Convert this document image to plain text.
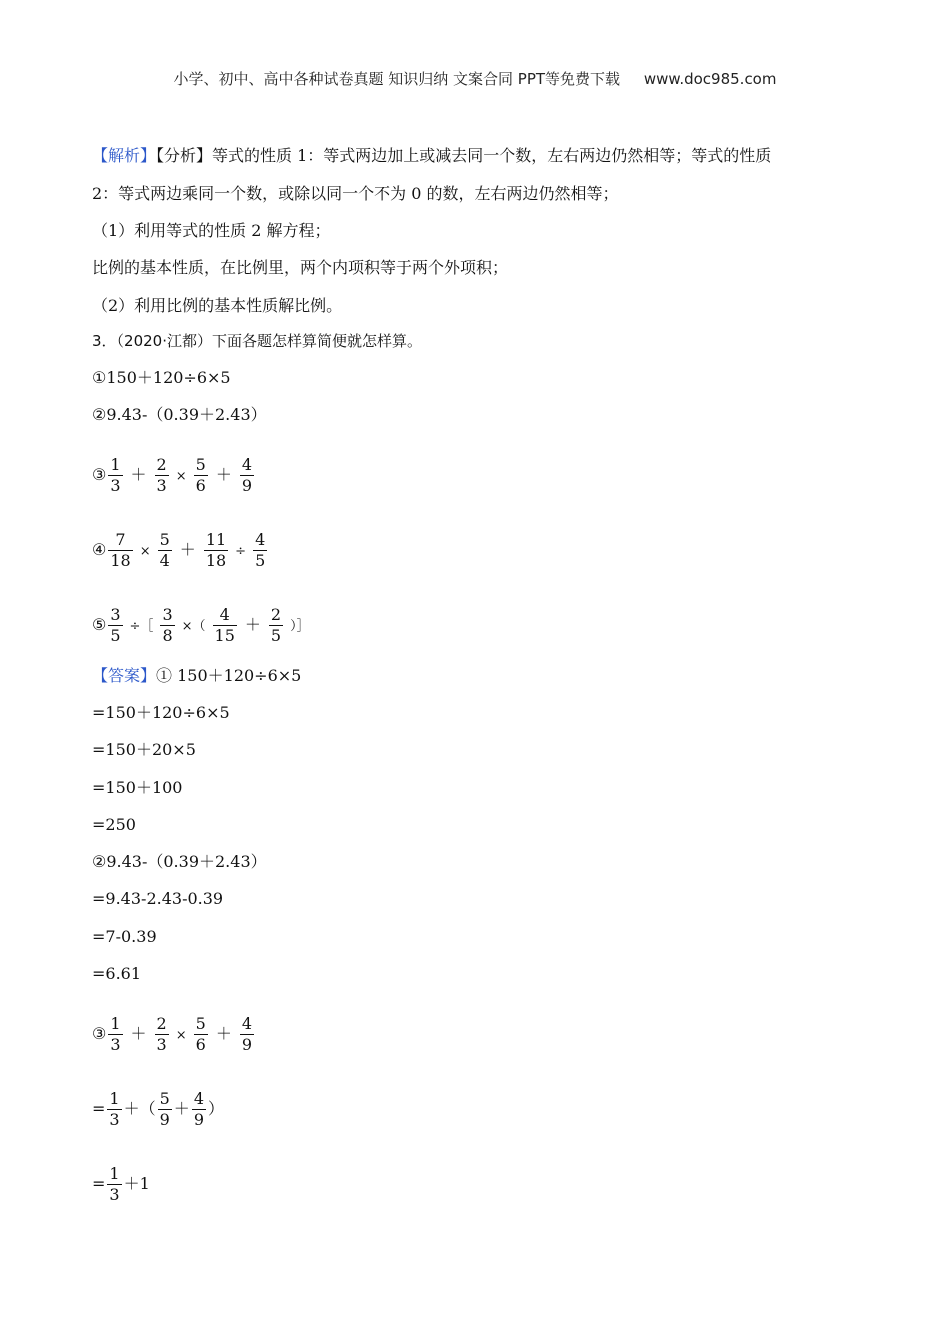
小学、初中、高中各种试卷真题 知识归纳 文案合同 PPT等免费下载     www.doc985.com
【解析】【分析】等式的性质 1：等式两边加上或减去同一个数，左右两边仍然相等；等式的性质
2：等式两边乘同一个数，或除以同一个不为 0 的数，左右两边仍然相等；
（1）利用等式的性质 2 解方程；
比例的基本性质，在比例里，两个内项积等于两个外项积；
（2）利用比例的基本性质解比例。
3．（2020·江都）下面各题怎样算简便就怎样算。
①150＋120÷6×5
②9.43-（0.39＋2.43）
③ $\frac{1}{3} + \frac{2}{3} \times \frac{5}{6} + \frac{4}{9}$
④ $\frac{7}{18} \times \frac{5}{4} + \frac{11}{18} \div \frac{4}{5}$
⑤ $\frac{3}{5}$ ÷［ $\frac{3}{8}$ ×（ $\frac{4}{15} + \frac{2}{5}$ ）］
【答案】① 150＋120÷6×5
=150＋120÷6×5
=150＋20×5
=150＋100
=250
②9.43-（0.39＋2.43）
=9.43-2.43-0.39
=7-0.39
=6.61
③ $\frac{1}{3} + \frac{2}{3} \times \frac{5}{6} + \frac{4}{9}$
= $\frac{1}{3}$ ＋（ $\frac{5}{9} + \frac{4}{9}$ ）
= $\frac{1}{3} +1$
